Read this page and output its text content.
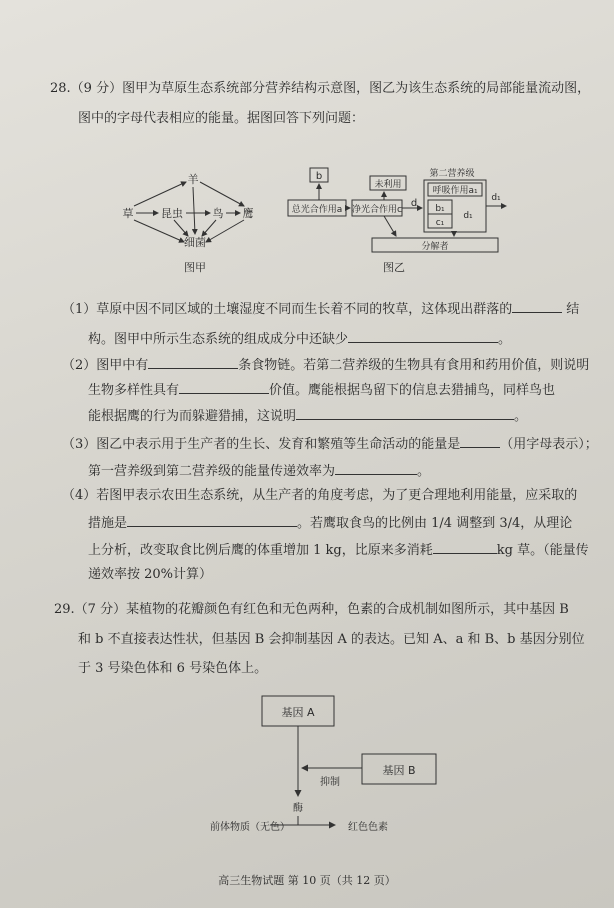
28.（9 分）图甲为草原生态系统部分营养结构示意图，图乙为该生态系统的局部能量流动图，
图中的字母代表相应的能量。据图回答下列问题：
草
羊
昆虫	鸟 鹰
细菌
图甲
b
总光合作用a 净光合作用c
未利用
d
第二营养级
呼吸作用a₁
b₁
c₁
d₁
d₁
分解者
图乙
（1）草原中因不同区域的土壤湿度不同而生长着不同的牧草，这体现出群落的	结
构。图甲中所示生态系统的组成成分中还缺少	。
（2）图甲中有	条食物链。若第二营养级的生物具有食用和药用价值，则说明
生物多样性具有	价值。鹰能根据鸟留下的信息去猎捕鸟，同样鸟也
能根据鹰的行为而躲避猎捕，这说明	。
（3）图乙中表示用于生产者的生长、发育和繁殖等生命活动的能量是	（用字母表示）；
第一营养级到第二营养级的能量传递效率为	。
（4）若图甲表示农田生态系统，从生产者的角度考虑，为了更合理地利用能量，应采取的
措施是	。若鹰取食鸟的比例由 1/4 调整到 3/4，从理论
上分析，改变取食比例后鹰的体重增加 1 kg，比原来多消耗	kg 草。（能量传
递效率按 20%计算）
29.（7 分）某植物的花瓣颜色有红色和无色两种，色素的合成机制如图所示，其中基因 B
和 b 不直接表达性状，但基因 B 会抑制基因 A 的表达。已知 A、a 和 B、b 基因分别位
于 3 号染色体和 6 号染色体上。
基因 A
基因 B
抑制
酶
前体物质（无色）	红色色素
高三生物试题 第 10 页（共 12 页）
